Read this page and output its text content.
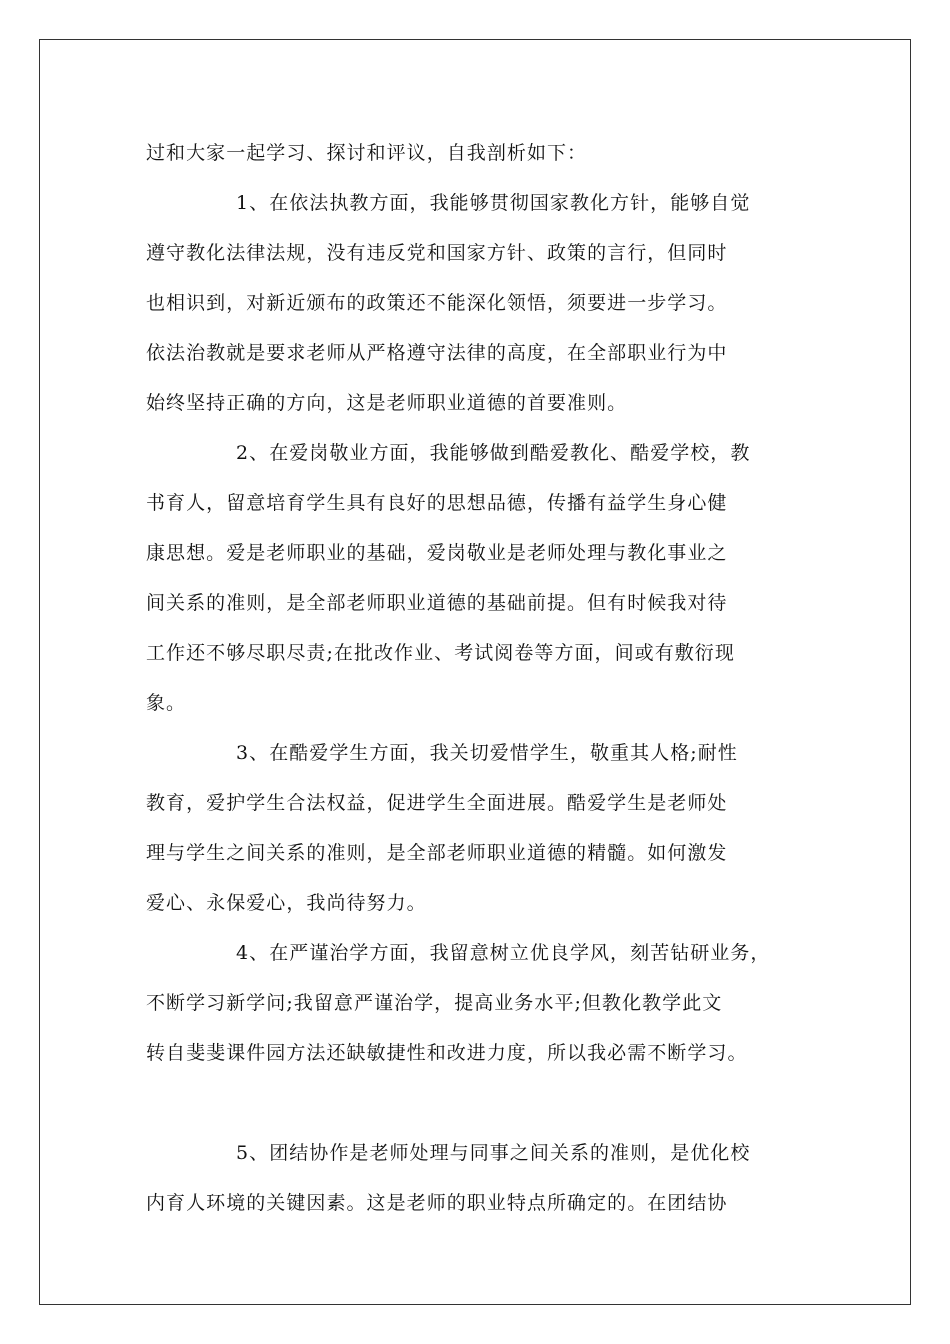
过和大家一起学习、探讨和评议，自我剖析如下：
1、在依法执教方面，我能够贯彻国家教化方针，能够自觉
遵守教化法律法规，没有违反党和国家方针、政策的言行，但同时
也相识到，对新近颁布的政策还不能深化领悟，须要进一步学习。
依法治教就是要求老师从严格遵守法律的高度，在全部职业行为中
始终坚持正确的方向，这是老师职业道德的首要准则。
2、在爱岗敬业方面，我能够做到酷爱教化、酷爱学校，教
书育人，留意培育学生具有良好的思想品德，传播有益学生身心健
康思想。爱是老师职业的基础，爱岗敬业是老师处理与教化事业之
间关系的准则，是全部老师职业道德的基础前提。但有时候我对待
工作还不够尽职尽责;在批改作业、考试阅卷等方面，间或有敷衍现
象。
3、在酷爱学生方面，我关切爱惜学生，敬重其人格;耐性
教育，爱护学生合法权益，促进学生全面进展。酷爱学生是老师处
理与学生之间关系的准则，是全部老师职业道德的精髓。如何激发
爱心、永保爱心，我尚待努力。
4、在严谨治学方面，我留意树立优良学风，刻苦钻研业务，
不断学习新学问;我留意严谨治学，提高业务水平;但教化教学此文
转自斐斐课件园方法还缺敏捷性和改进力度，所以我必需不断学习。
5、团结协作是老师处理与同事之间关系的准则，是优化校
内育人环境的关键因素。这是老师的职业特点所确定的。在团结协
